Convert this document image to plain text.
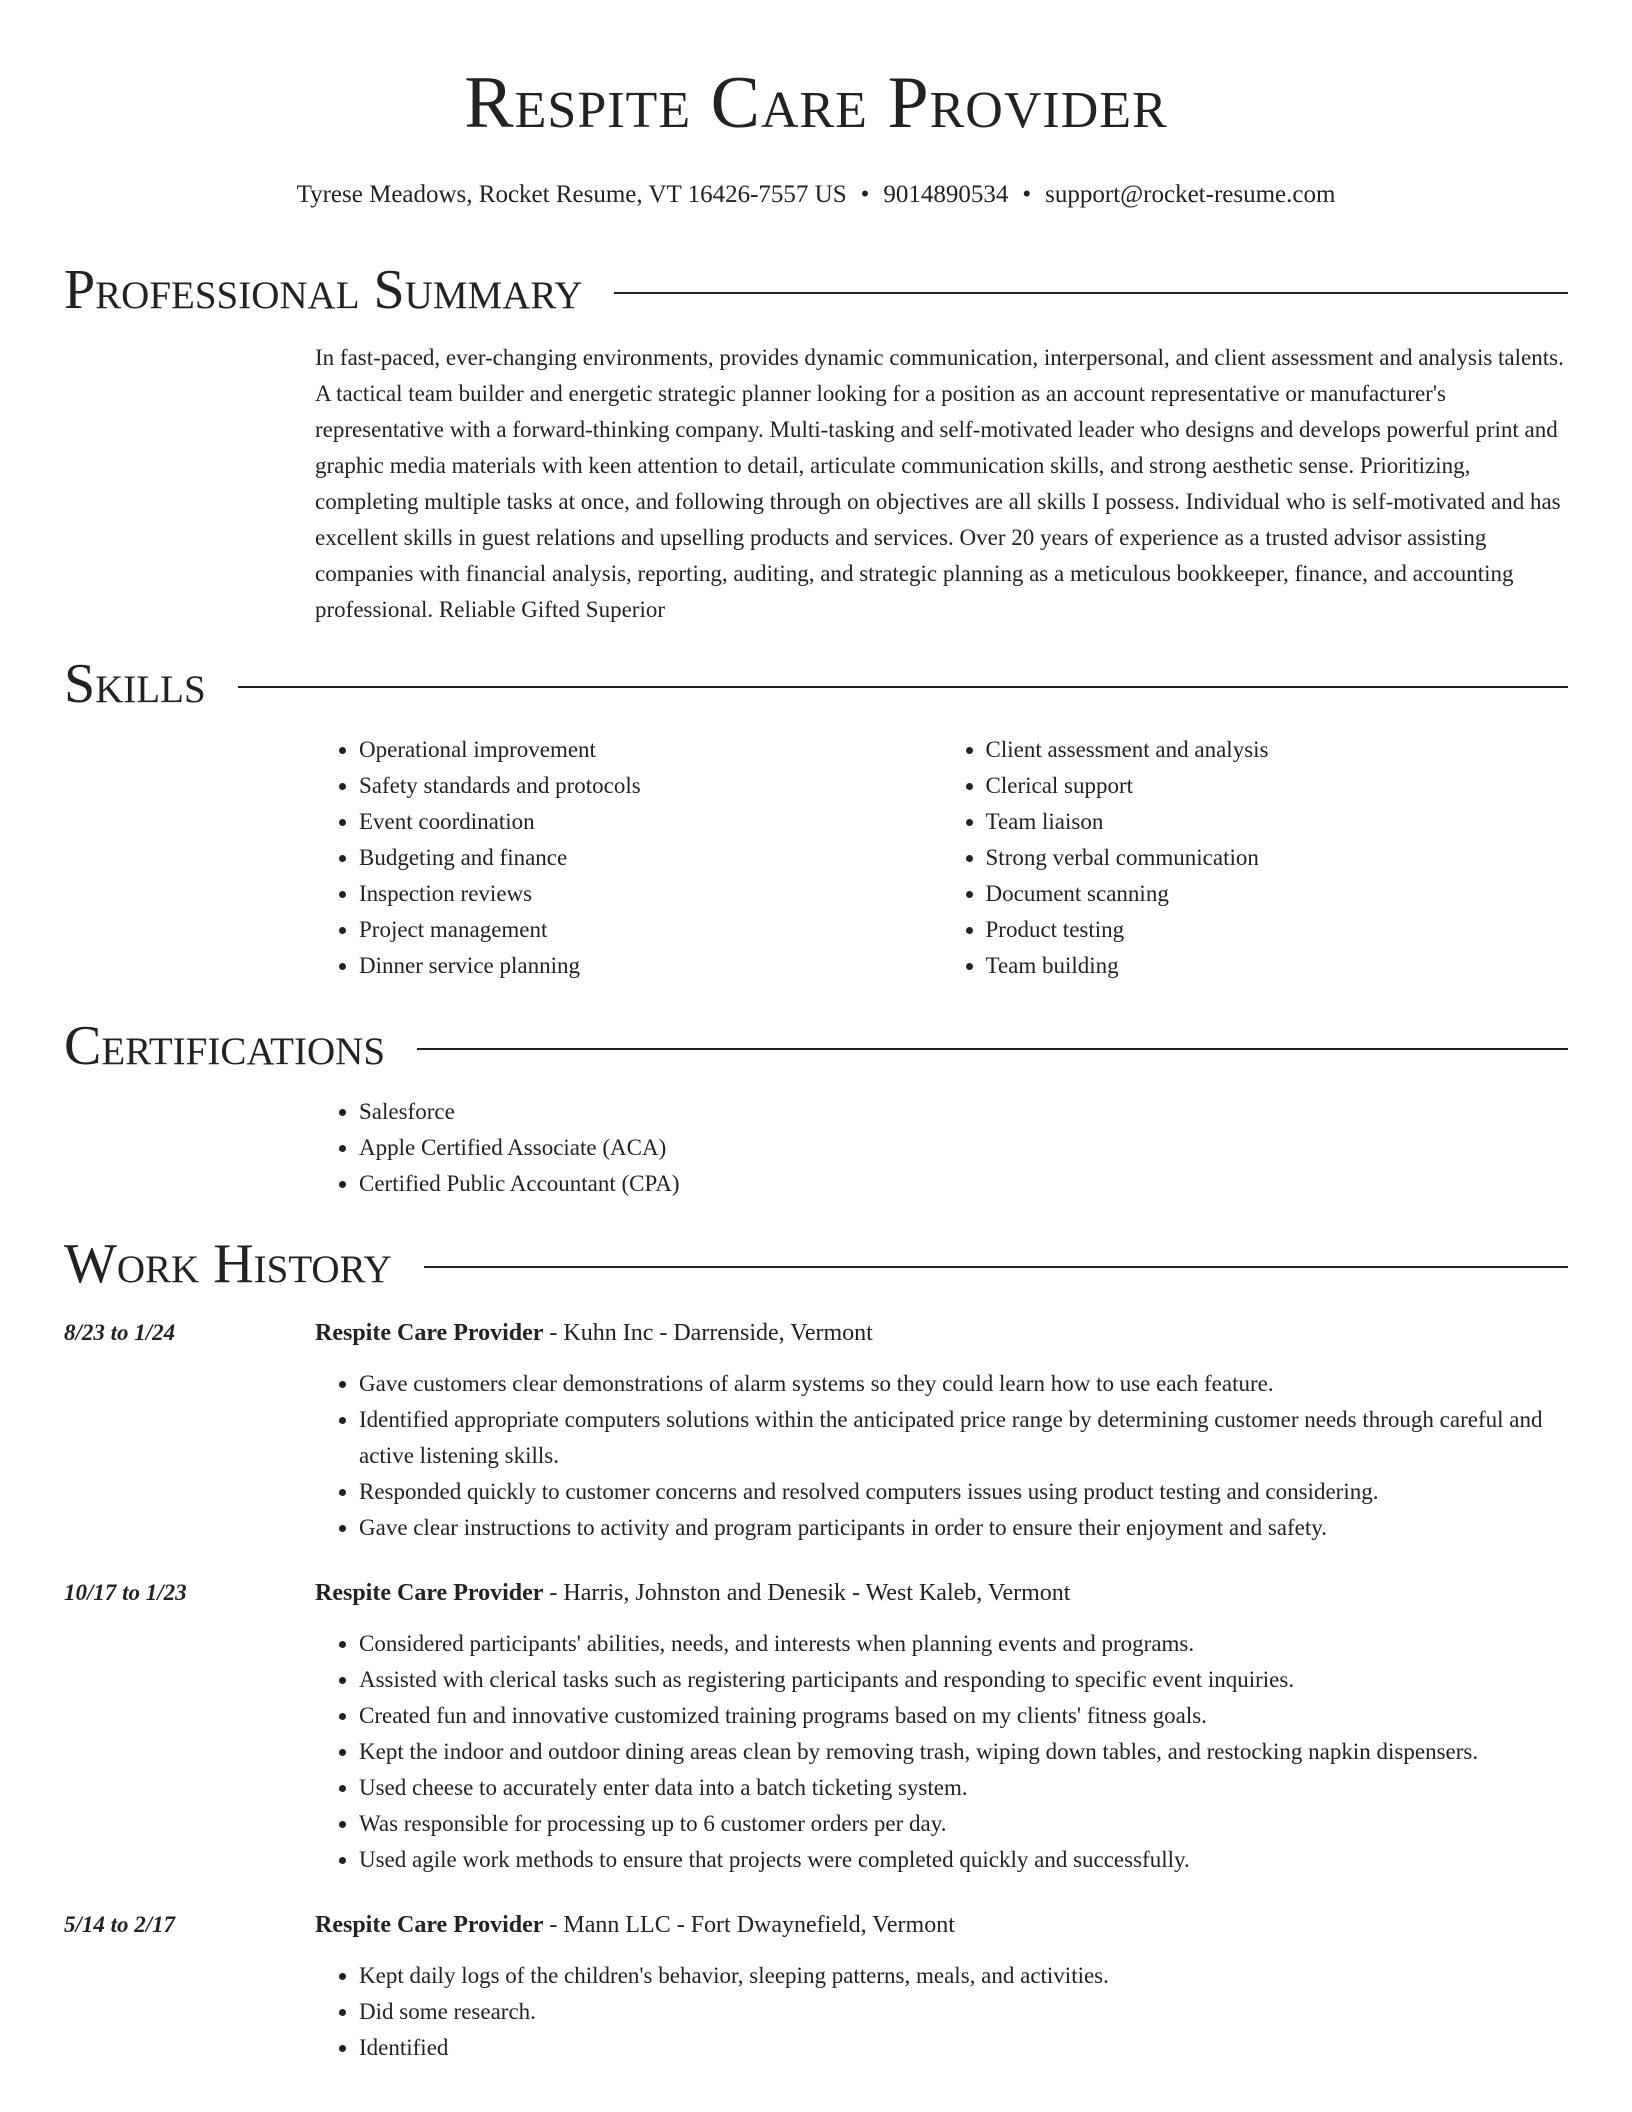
Respite Care Provider
Tyrese Meadows, Rocket Resume, VT 16426-7557 US • 9014890534 • support@rocket-resume.com
Professional Summary
In fast-paced, ever-changing environments, provides dynamic communication, interpersonal, and client assessment and analysis talents. A tactical team builder and energetic strategic planner looking for a position as an account representative or manufacturer's representative with a forward-thinking company. Multi-tasking and self-motivated leader who designs and develops powerful print and graphic media materials with keen attention to detail, articulate communication skills, and strong aesthetic sense. Prioritizing, completing multiple tasks at once, and following through on objectives are all skills I possess. Individual who is self-motivated and has excellent skills in guest relations and upselling products and services. Over 20 years of experience as a trusted advisor assisting companies with financial analysis, reporting, auditing, and strategic planning as a meticulous bookkeeper, finance, and accounting professional. Reliable Gifted Superior
Skills
• Operational improvement
• Safety standards and protocols
• Event coordination
• Budgeting and finance
• Inspection reviews
• Project management
• Dinner service planning
• Client assessment and analysis
• Clerical support
• Team liaison
• Strong verbal communication
• Document scanning
• Product testing
• Team building
Certifications
• Salesforce
• Apple Certified Associate (ACA)
• Certified Public Accountant (CPA)
Work History
8/23 to 1/24	Respite Care Provider - Kuhn Inc - Darrenside, Vermont
• Gave customers clear demonstrations of alarm systems so they could learn how to use each feature.
• Identified appropriate computers solutions within the anticipated price range by determining customer needs through careful and active listening skills.
• Responded quickly to customer concerns and resolved computers issues using product testing and considering.
• Gave clear instructions to activity and program participants in order to ensure their enjoyment and safety.
10/17 to 1/23	Respite Care Provider - Harris, Johnston and Denesik - West Kaleb, Vermont
• Considered participants' abilities, needs, and interests when planning events and programs.
• Assisted with clerical tasks such as registering participants and responding to specific event inquiries.
• Created fun and innovative customized training programs based on my clients' fitness goals.
• Kept the indoor and outdoor dining areas clean by removing trash, wiping down tables, and restocking napkin dispensers.
• Used cheese to accurately enter data into a batch ticketing system.
• Was responsible for processing up to 6 customer orders per day.
• Used agile work methods to ensure that projects were completed quickly and successfully.
5/14 to 2/17	Respite Care Provider - Mann LLC - Fort Dwaynefield, Vermont
• Kept daily logs of the children's behavior, sleeping patterns, meals, and activities.
• Did some research.
• Identified
